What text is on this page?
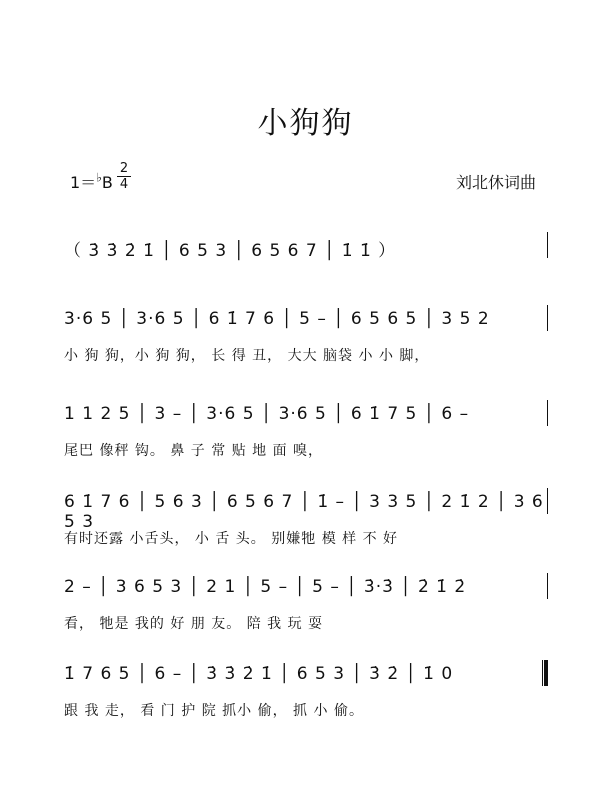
小狗狗
1＝♭B
2
4	刘北休词曲
（ 3̇ 3̇ 2̇ 1̇ │ 6 5 3 │ 6 5 6 7 │ 1̇ 1̇ ）
3·6 5 │ 3·6 5 │ 6 1̇ 7 6 │ 5 – │ 6 5 6 5 │ 3 5 2
小 狗 狗，小 狗 狗， 长 得 丑， 大大 脑袋 小 小 脚，
1 1 2 5 │ 3 – │ 3·6 5 │ 3·6 5 │ 6 1̇ 7 5 │ 6 –
尾巴 像秤 钩。 鼻 子 常 贴 地 面 嗅，
6 1̇ 7 6 │ 5 6 3 │ 6 5 6 7 │ 1̇ – │ 3 3 5 │ 2 1̇ 2 │ 3 6 5 3
有时还露 小舌头， 小 舌 头。 别嫌牠 模 样 不 好
2 – │ 3 6 5 3 │ 2 1 │ 5 – │ 5 – │ 3̇·3̇ │ 2̇ 1̇ 2̇
看， 牠是 我的 好 朋 友。 陪 我 玩 耍
1̇ 7 6 5 │ 6 – │ 3̇ 3̇ 2̇ 1̇ │ 6 5 3 │ 3̇ 2̇ │ 1̇ 0
跟 我 走， 看 门 护 院 抓小 偷， 抓 小 偷。
